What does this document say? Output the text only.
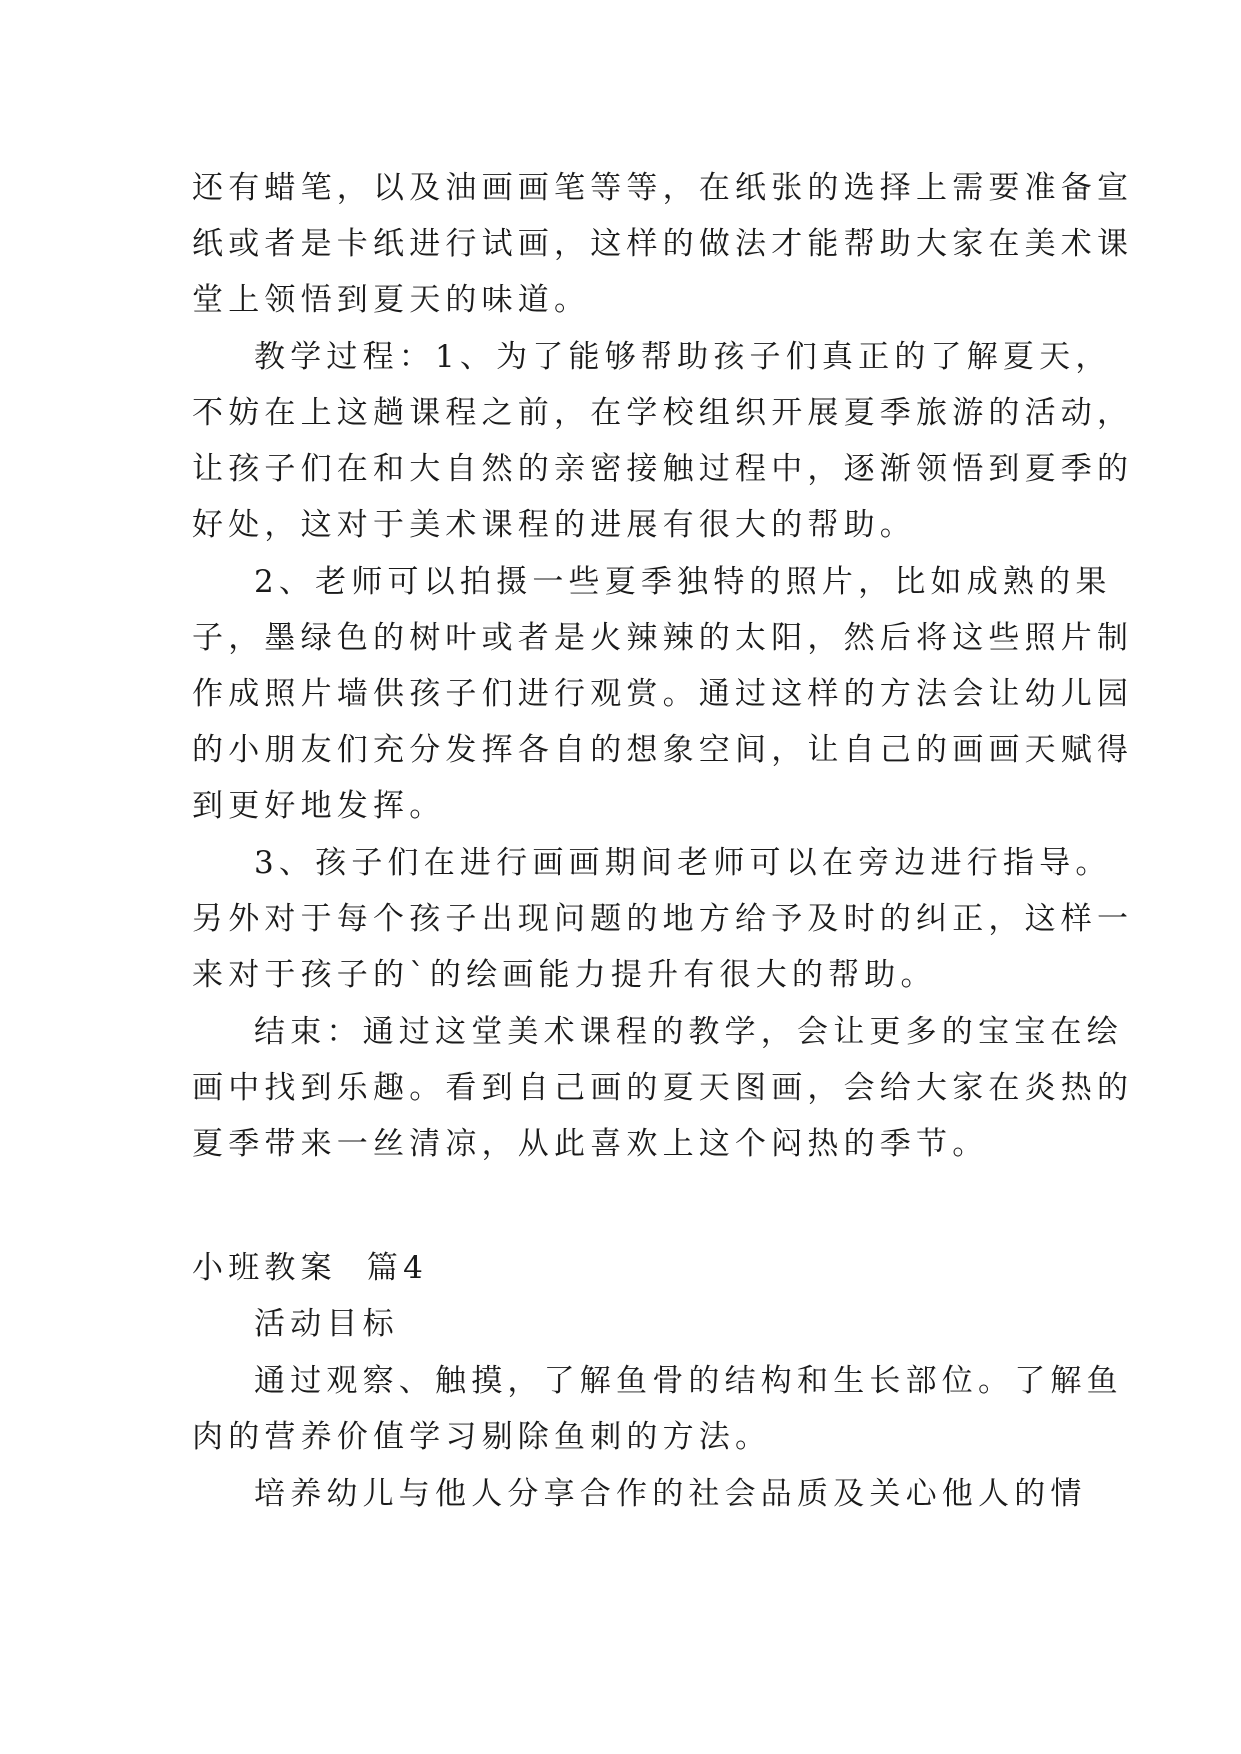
还有蜡笔，以及油画画笔等等，在纸张的选择上需要准备宣
纸或者是卡纸进行试画，这样的做法才能帮助大家在美术课
堂上领悟到夏天的味道。
教学过程：1、为了能够帮助孩子们真正的了解夏天，
不妨在上这趟课程之前，在学校组织开展夏季旅游的活动，
让孩子们在和大自然的亲密接触过程中，逐渐领悟到夏季的
好处，这对于美术课程的进展有很大的帮助。
2、老师可以拍摄一些夏季独特的照片，比如成熟的果
子，墨绿色的树叶或者是火辣辣的太阳，然后将这些照片制
作成照片墙供孩子们进行观赏。通过这样的方法会让幼儿园
的小朋友们充分发挥各自的想象空间，让自己的画画天赋得
到更好地发挥。
3、孩子们在进行画画期间老师可以在旁边进行指导。
另外对于每个孩子出现问题的地方给予及时的纠正，这样一
来对于孩子的`的绘画能力提升有很大的帮助。
结束：通过这堂美术课程的教学，会让更多的宝宝在绘
画中找到乐趣。看到自己画的夏天图画，会给大家在炎热的
夏季带来一丝清凉，从此喜欢上这个闷热的季节。
小班教案  篇4
活动目标
通过观察、触摸，了解鱼骨的结构和生长部位。了解鱼
肉的营养价值学习剔除鱼刺的方法。
培养幼儿与他人分享合作的社会品质及关心他人的情
